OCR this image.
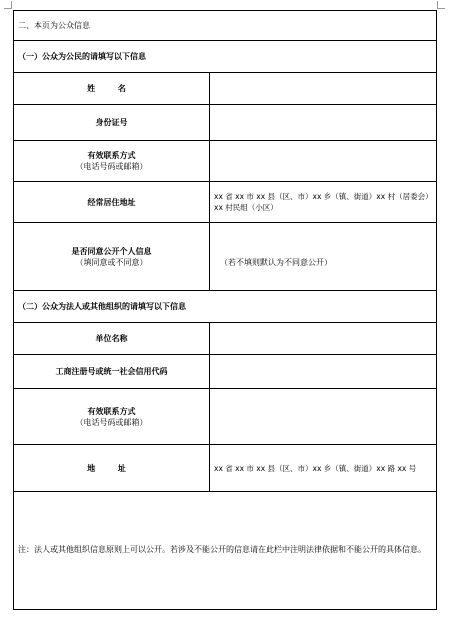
二、本页为公众信息	
（一）公众为公民的请填写以下信息	
姓 名	
身份证号	

有效联系方式
（电话号码或邮箱）	

经常居住地址	xx 省 xx 市 xx 县（区、市）xx 乡（镇、街道）xx 村（居委会）xx 村民组（小区）

是否同意公开个人信息
（填同意或不同意）	（若不填则默认为不同意公开）

（二）公众为法人或其他组织的请填写以下信息	
单位名称	
工商注册号或统一社会信用代码	

有效联系方式
（电话号码或邮箱）	

地 址	xx 省 xx 市 xx 县（区、市）xx 乡（镇、街道）xx 路 xx 号
注：法人或其他组织信息原则上可以公开。若涉及不能公开的信息请在此栏中注明法律依据和不能公开的具体信息。	
